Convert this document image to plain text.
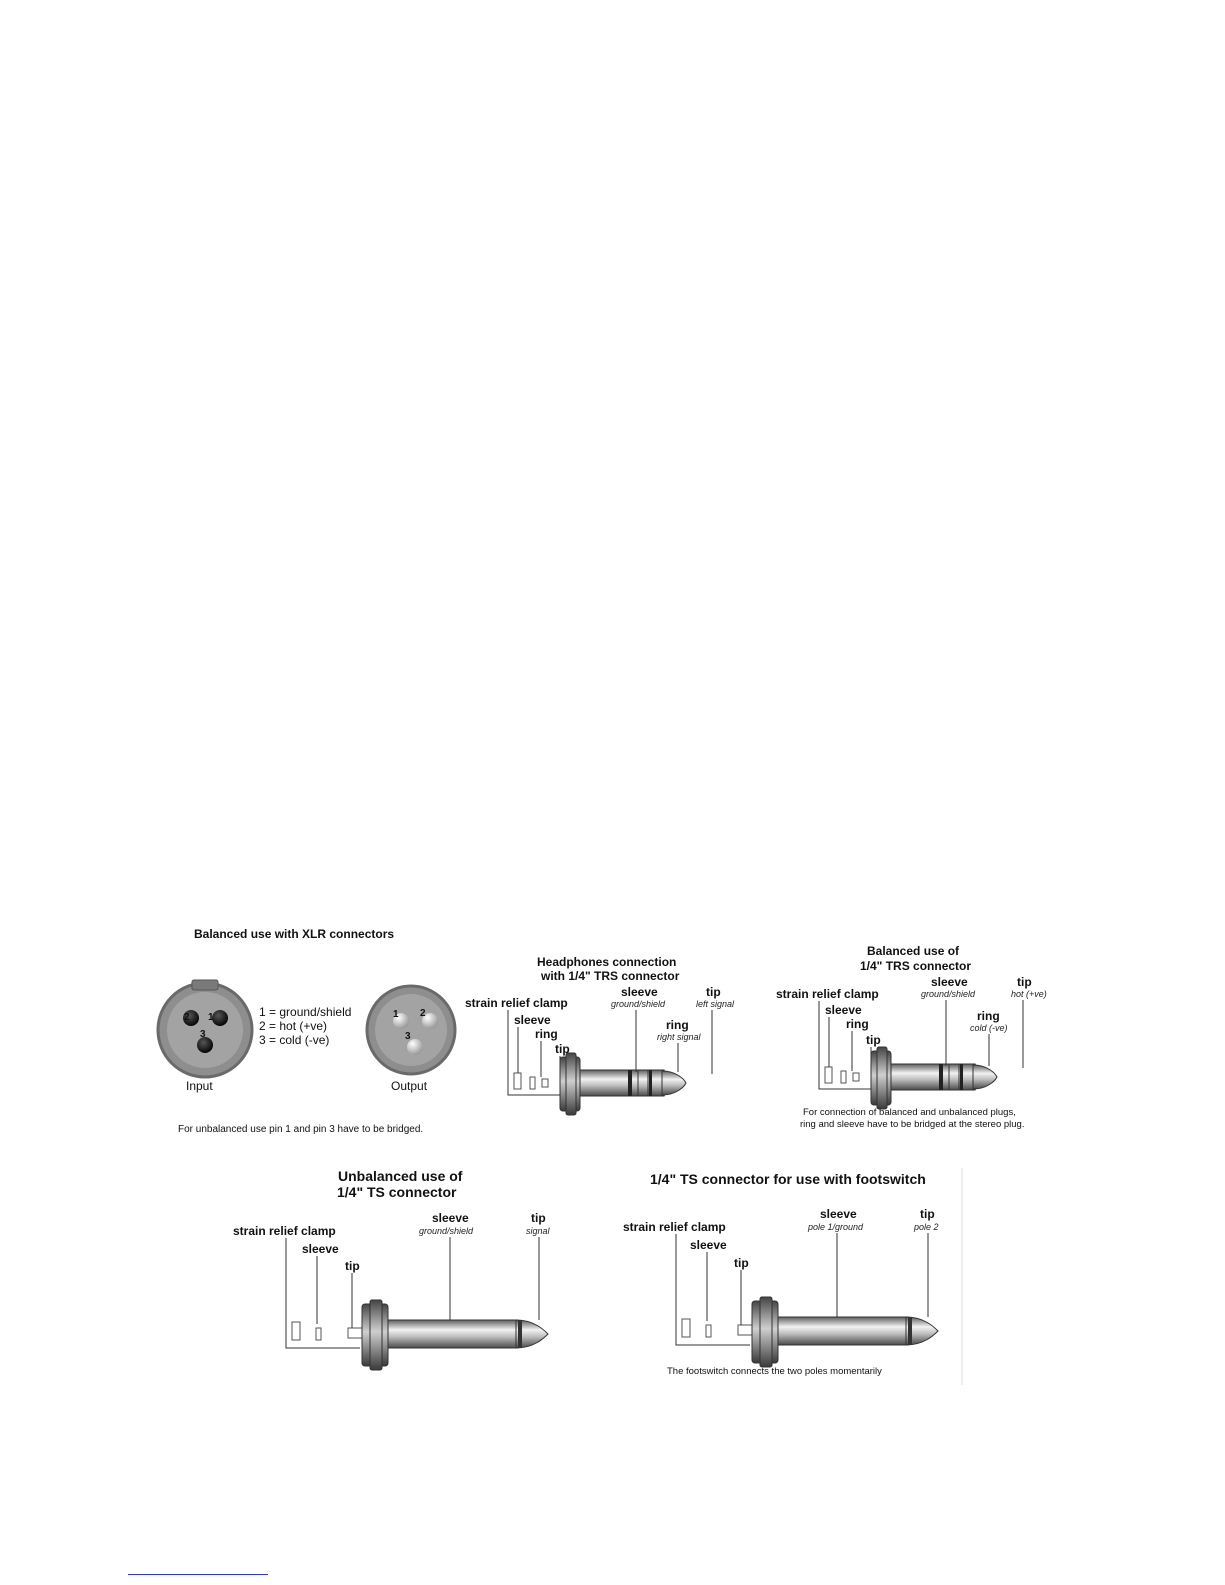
Balanced use with XLR connectors
2 1
3
Input
1 = ground/shield
2 = hot (+ve)
3 = cold (-ve)
1 2
3
Output
For unbalanced use pin 1 and pin 3 have to be bridged.
Headphones connection
with 1/4" TRS connector
strain relief clamp
sleeve
ring
tip
sleeve
ground/shield
ring
right signal
tip
left signal
Balanced use of
1/4" TRS connector
strain relief clamp
sleeve
ring
tip
sleeve
ground/shield
ring
cold (-ve)
tip
hot (+ve)
For connection of balanced and unbalanced plugs,
ring and sleeve have to be bridged at the stereo plug.
Unbalanced use of
1/4" TS connector
strain relief clamp
sleeve
tip
sleeve
ground/shield
tip
signal
1/4" TS connector for use with footswitch
strain relief clamp
sleeve
tip
sleeve
pole 1/ground
tip
pole 2
The footswitch connects the two poles momentarily
